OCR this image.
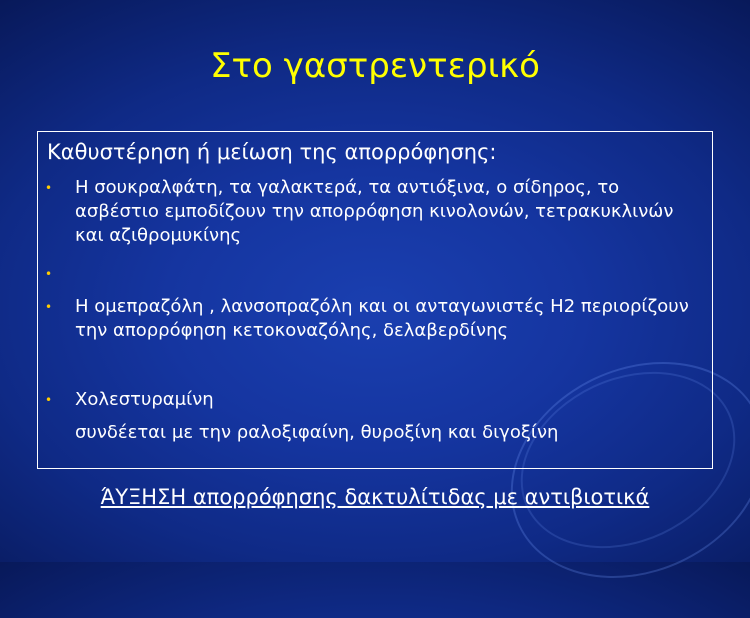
Στο γαστρεντερικό
Καθυστέρηση ή μείωση της απορρόφησης:
• Η σουκραλφάτη, τα γαλακτερά, τα αντιόξινα, ο σίδηρος, το ασβέστιο εμποδίζουν την απορρόφηση κινολονών, τετρακυκλινών και αζιθρομυκίνης
•
• Η ομεπραζόλη , λανσοπραζόλη και οι ανταγωνιστές Η2 περιορίζουν την απορρόφηση κετοκοναζόλης, δελαβερδίνης
• Χολεστυραμίνη
συνδέεται με την ραλοξιφαίνη, θυροξίνη και διγοξίνη
ΆΥΞΗΣΗ απορρόφησης δακτυλίτιδας με αντιβιοτικά
